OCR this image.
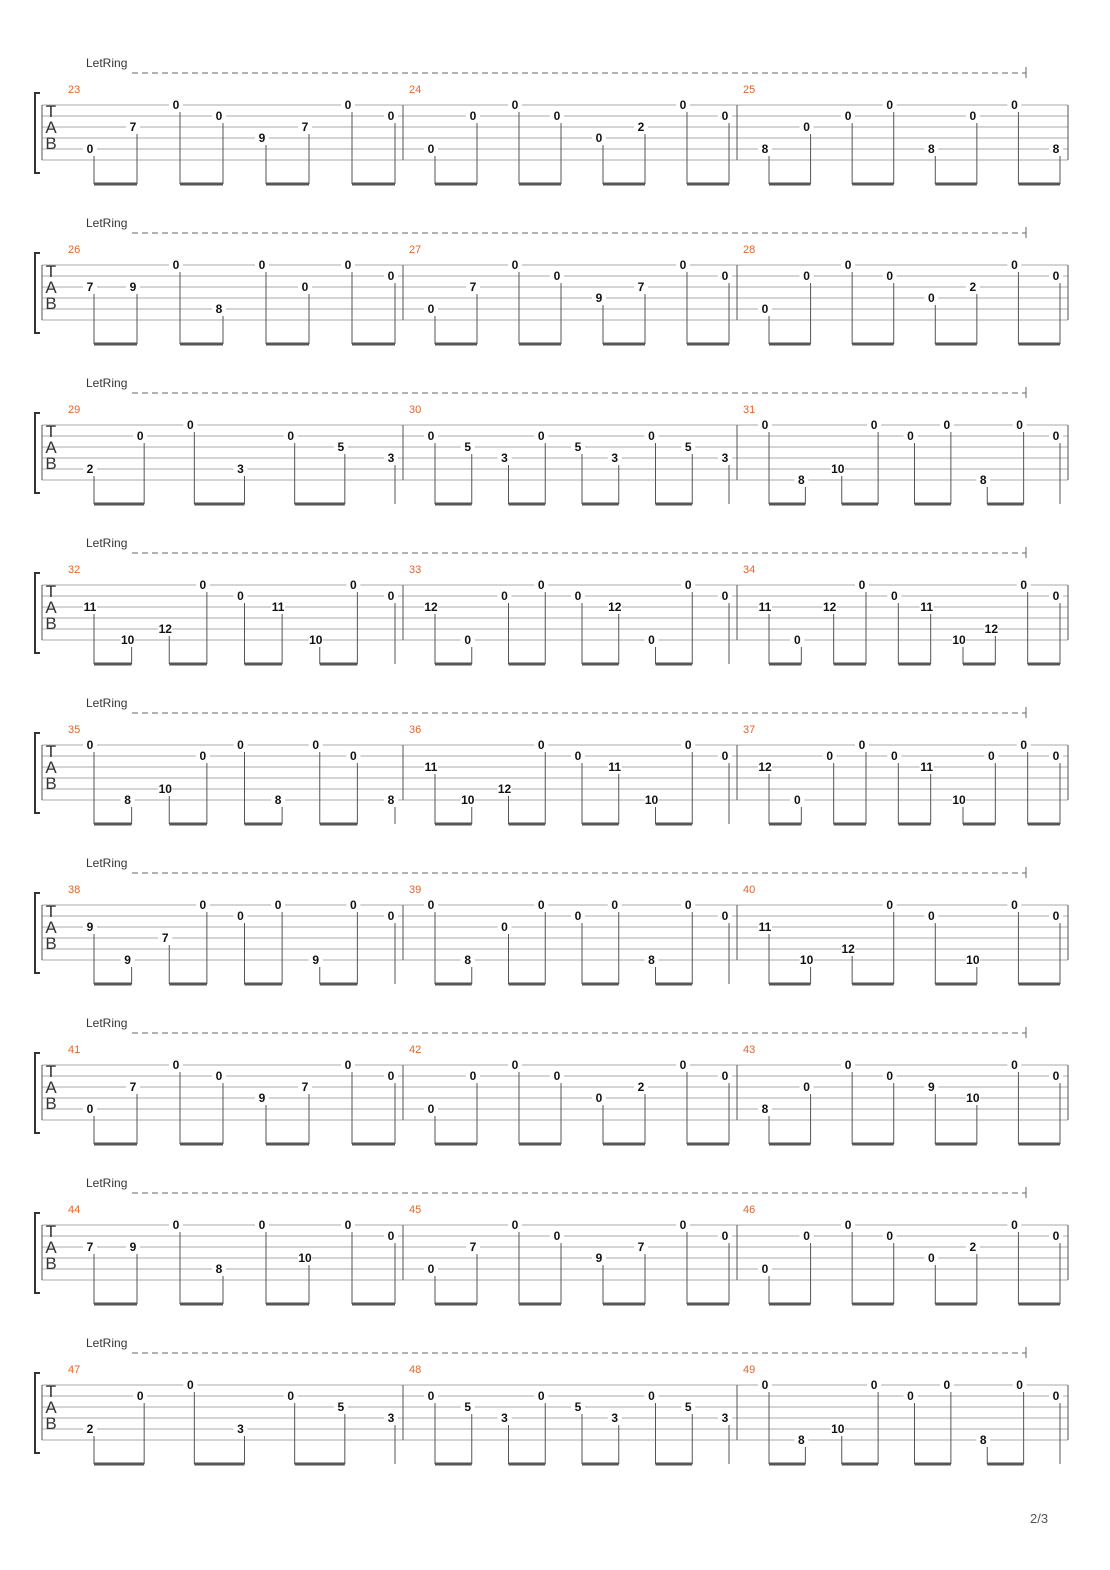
LetRing
T
A
B
23
0
7
0
0
9
7
0
0
24
0
0
0
0
0
2
0
0
25
8
0
0
0
8
0
0
8
LetRing
T
A
B
26
7	9
0
8
0
0
0
0
27
0
7
0
0
9
7
0
0
28
0
0
0
0
0
2
0
0
LetRing
T
A
B
29
2
0
0
3
0
5
3
30
0
5
3
0
5
3
0
5
3
31
0
8
10
0
0
0
8
0
0
LetRing
T
A
B
32
11
10
12
0
0
11
10
0
0
33
12
0
0
0
0
12
0
0
0
34
11
0
12
0
0
11
10
12
0
0
LetRing
T
A
B
35
0
8
10
0
0
8
0
0
8
36
11
10
12
0
0
11
10
0
0
37
12
0
0
0
0
11
10
0
0
0
LetRing
T
A
B
38
9
9
7
0
0
0
9
0
0
39
0
8
0
0
0
0
8
0
0
40
11
10
12
0
0
10
0
0
LetRing
T
A
B
41
0
7
0
0
9
7
0
0
42
0
0
0
0
0
2
0
0
43
8
0
0
0
9
10
0
0
LetRing
T
A
B
44
7	9
0
8
0
10
0
0
45
0
7
0
0
9
7
0
0
46
0
0
0
0
0
2
0
0
LetRing
T
A
B
47
2
0
0
3
0
5
3
48
0
5
3
0
5
3
0
5
3
49
0
8
10
0
0
0
8
0
0
2/3
